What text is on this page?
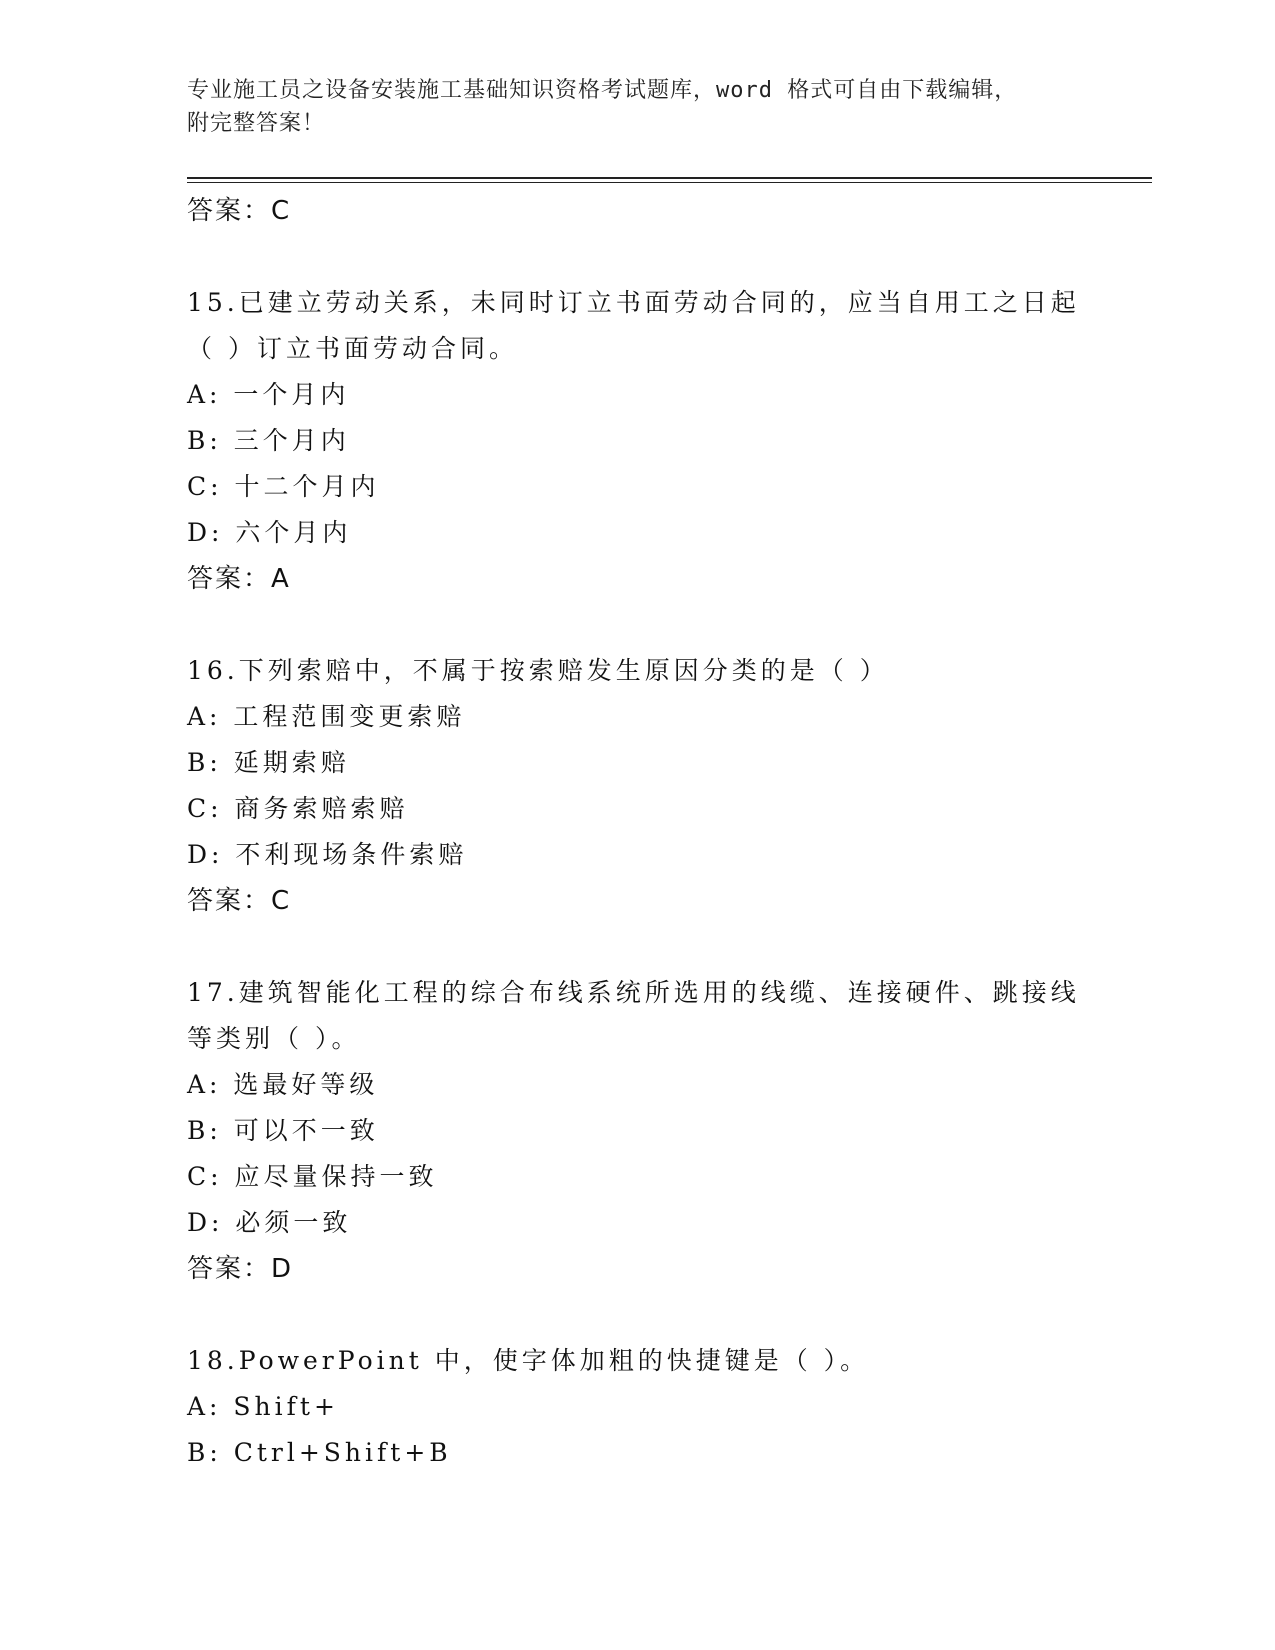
专业施工员之设备安装施工基础知识资格考试题库，word 格式可自由下载编辑，
附完整答案！
答案：C
15.已建立劳动关系，未同时订立书面劳动合同的，应当自用工之日起
（ ）订立书面劳动合同。
A: 一个月内
B: 三个月内
C: 十二个月内
D: 六个月内
答案：A
16.下列索赔中，不属于按索赔发生原因分类的是（ ）
A: 工程范围变更索赔
B: 延期索赔
C: 商务索赔索赔
D: 不利现场条件索赔
答案：C
17.建筑智能化工程的综合布线系统所选用的线缆、连接硬件、跳接线
等类别（ ）。
A: 选最好等级
B: 可以不一致
C: 应尽量保持一致
D: 必须一致
答案：D
18.PowerPoint 中，使字体加粗的快捷键是（ ）。
A: Shift+
B: Ctrl+Shift+B
